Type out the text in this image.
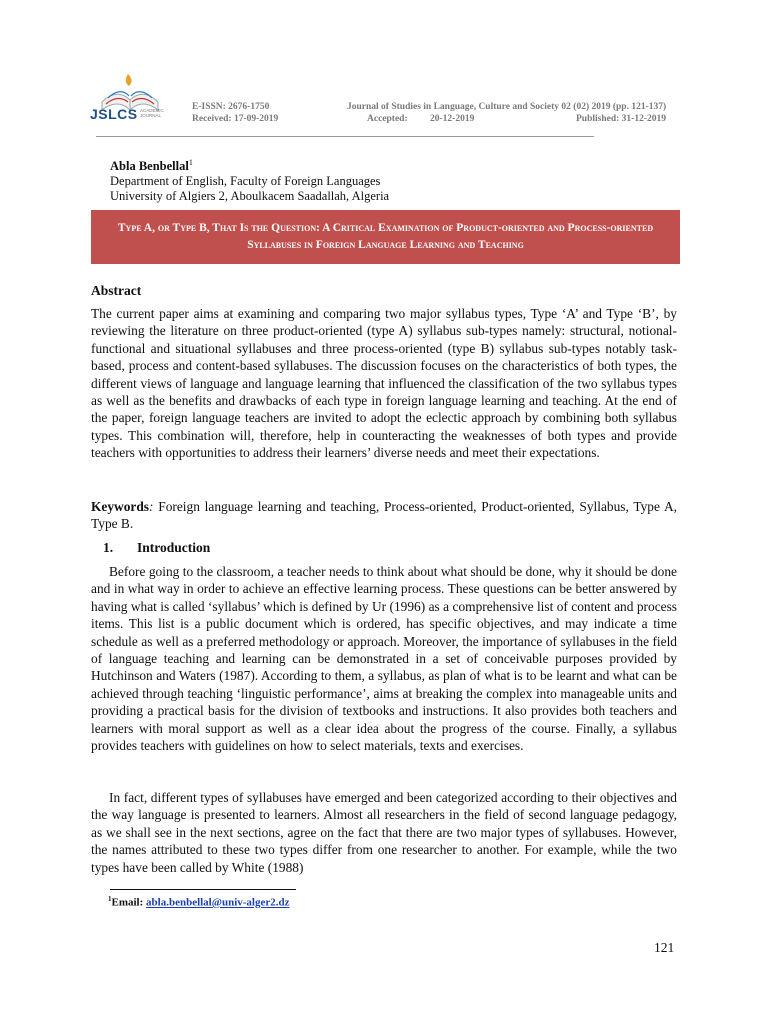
JSLCS ACADEMIC JOURNAL
E-ISSN: 2676-1750
Received: 17-09-2019
Journal of Studies in Language, Culture and Society 02 (02) 2019 (pp. 121-137)
Accepted: 20-12-2019	Published: 31-12-2019
Abla Benbellal$^1$
Department of English, Faculty of Foreign Languages
University of Algiers 2, Aboulkacem Saadallah, Algeria
Type A, or Type B, That Is the Question: A Critical Examination of Product-oriented and Process-oriented Syllabuses in Foreign Language Learning and Teaching
Abstract

The current paper aims at examining and comparing two major syllabus types, Type ‘A’ and Type ‘B’, by reviewing the literature on three product-oriented (type A) syllabus sub-types namely: structural, notional-functional and situational syllabuses and three process-oriented (type B) syllabus sub-types notably task-based, process and content-based syllabuses. The discussion focuses on the characteristics of both types, the different views of language and language learning that influenced the classification of the two syllabus types as well as the benefits and drawbacks of each type in foreign language learning and teaching. At the end of the paper, foreign language teachers are invited to adopt the eclectic approach by combining both syllabus types. This combination will, therefore, help in counteracting the weaknesses of both types and provide teachers with opportunities to address their learners’ diverse needs and meet their expectations.

Keywords: Foreign language learning and teaching, Process-oriented, Product-oriented, Syllabus, Type A, Type B.

1. Introduction

Before going to the classroom, a teacher needs to think about what should be done, why it should be done and in what way in order to achieve an effective learning process. These questions can be better answered by having what is called ‘syllabus’ which is defined by Ur (1996) as a comprehensive list of content and process items. This list is a public document which is ordered, has specific objectives, and may indicate a time schedule as well as a preferred methodology or approach. Moreover, the importance of syllabuses in the field of language teaching and learning can be demonstrated in a set of conceivable purposes provided by Hutchinson and Waters (1987). According to them, a syllabus, as plan of what is to be learnt and what can be achieved through teaching ‘linguistic performance’, aims at breaking the complex into manageable units and providing a practical basis for the division of textbooks and instructions. It also provides both teachers and learners with moral support as well as a clear idea about the progress of the course. Finally, a syllabus provides teachers with guidelines on how to select materials, texts and exercises.

In fact, different types of syllabuses have emerged and been categorized according to their objectives and the way language is presented to learners. Almost all researchers in the field of second language pedagogy, as we shall see in the next sections, agree on the fact that there are two major types of syllabuses. However, the names attributed to these two types differ from one researcher to another. For example, while the two types have been called by White (1988)

$^1$Email: abla.benbellal@univ-alger2.dz
121
